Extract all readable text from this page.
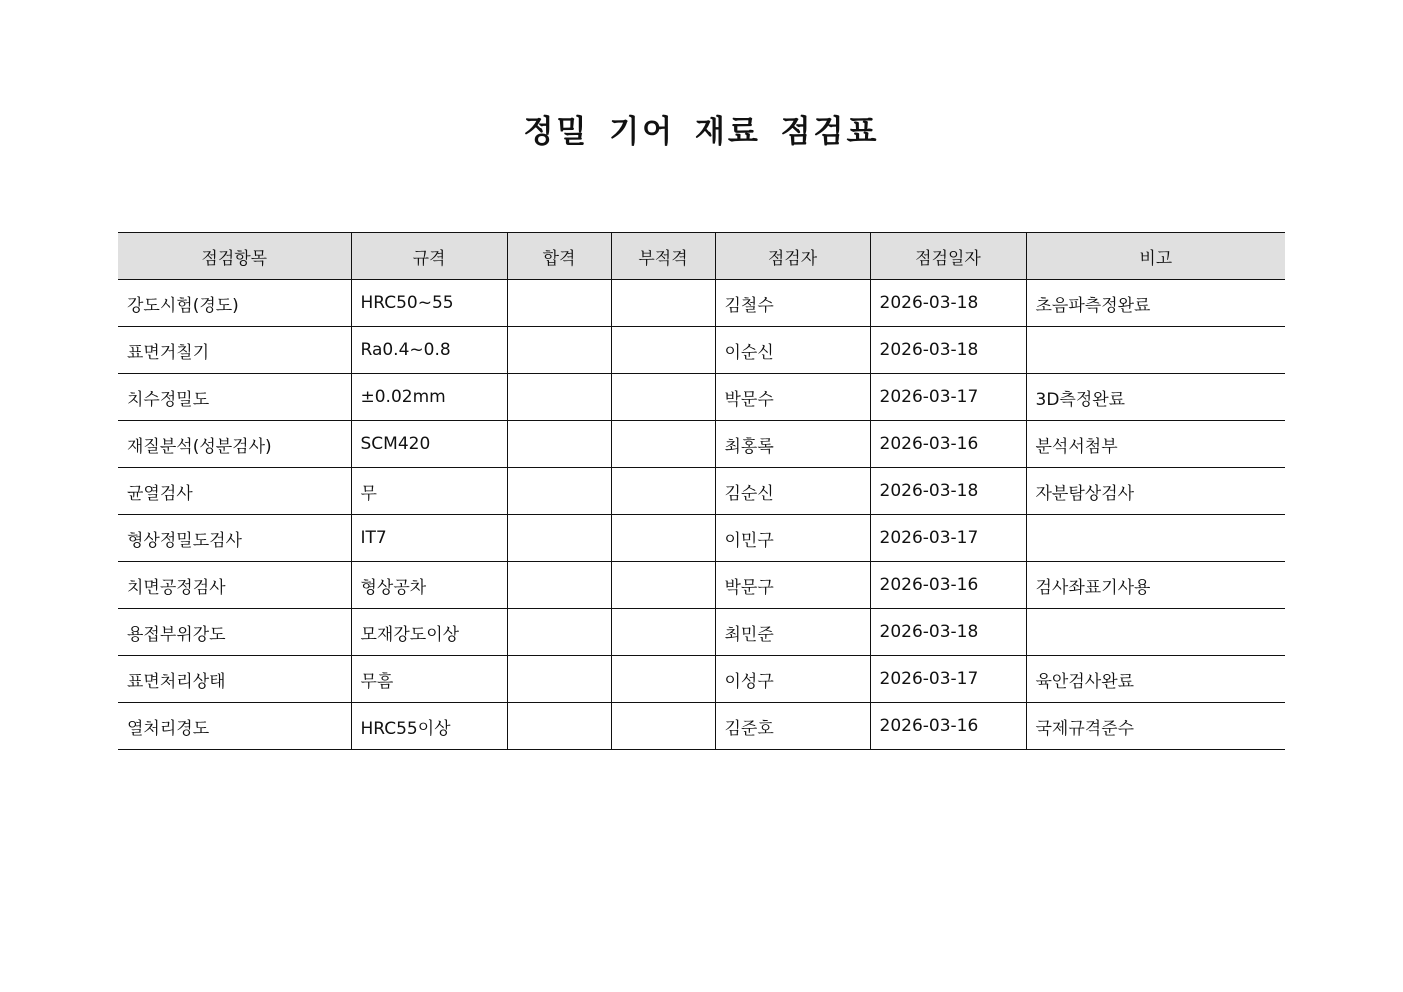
정밀 기어 재료 점검표
점검항목	규격	합격	부적격	점검자	점검일자	비고
강도시험(경도)	HRC50~55			김철수	2026-03-18	초음파측정완료
표면거칠기	Ra0.4~0.8			이순신	2026-03-18	
치수정밀도	±0.02mm			박문수	2026-03-17	3D측정완료
재질분석(성분검사)	SCM420			최홍록	2026-03-16	분석서첨부
균열검사	무			김순신	2026-03-18	자분탐상검사
형상정밀도검사	IT7			이민구	2026-03-17	
치면공정검사	형상공차			박문구	2026-03-16	검사좌표기사용
용접부위강도	모재강도이상			최민준	2026-03-18	
표면처리상태	무흠			이성구	2026-03-17	육안검사완료
열처리경도	HRC55이상			김준호	2026-03-16	국제규격준수
